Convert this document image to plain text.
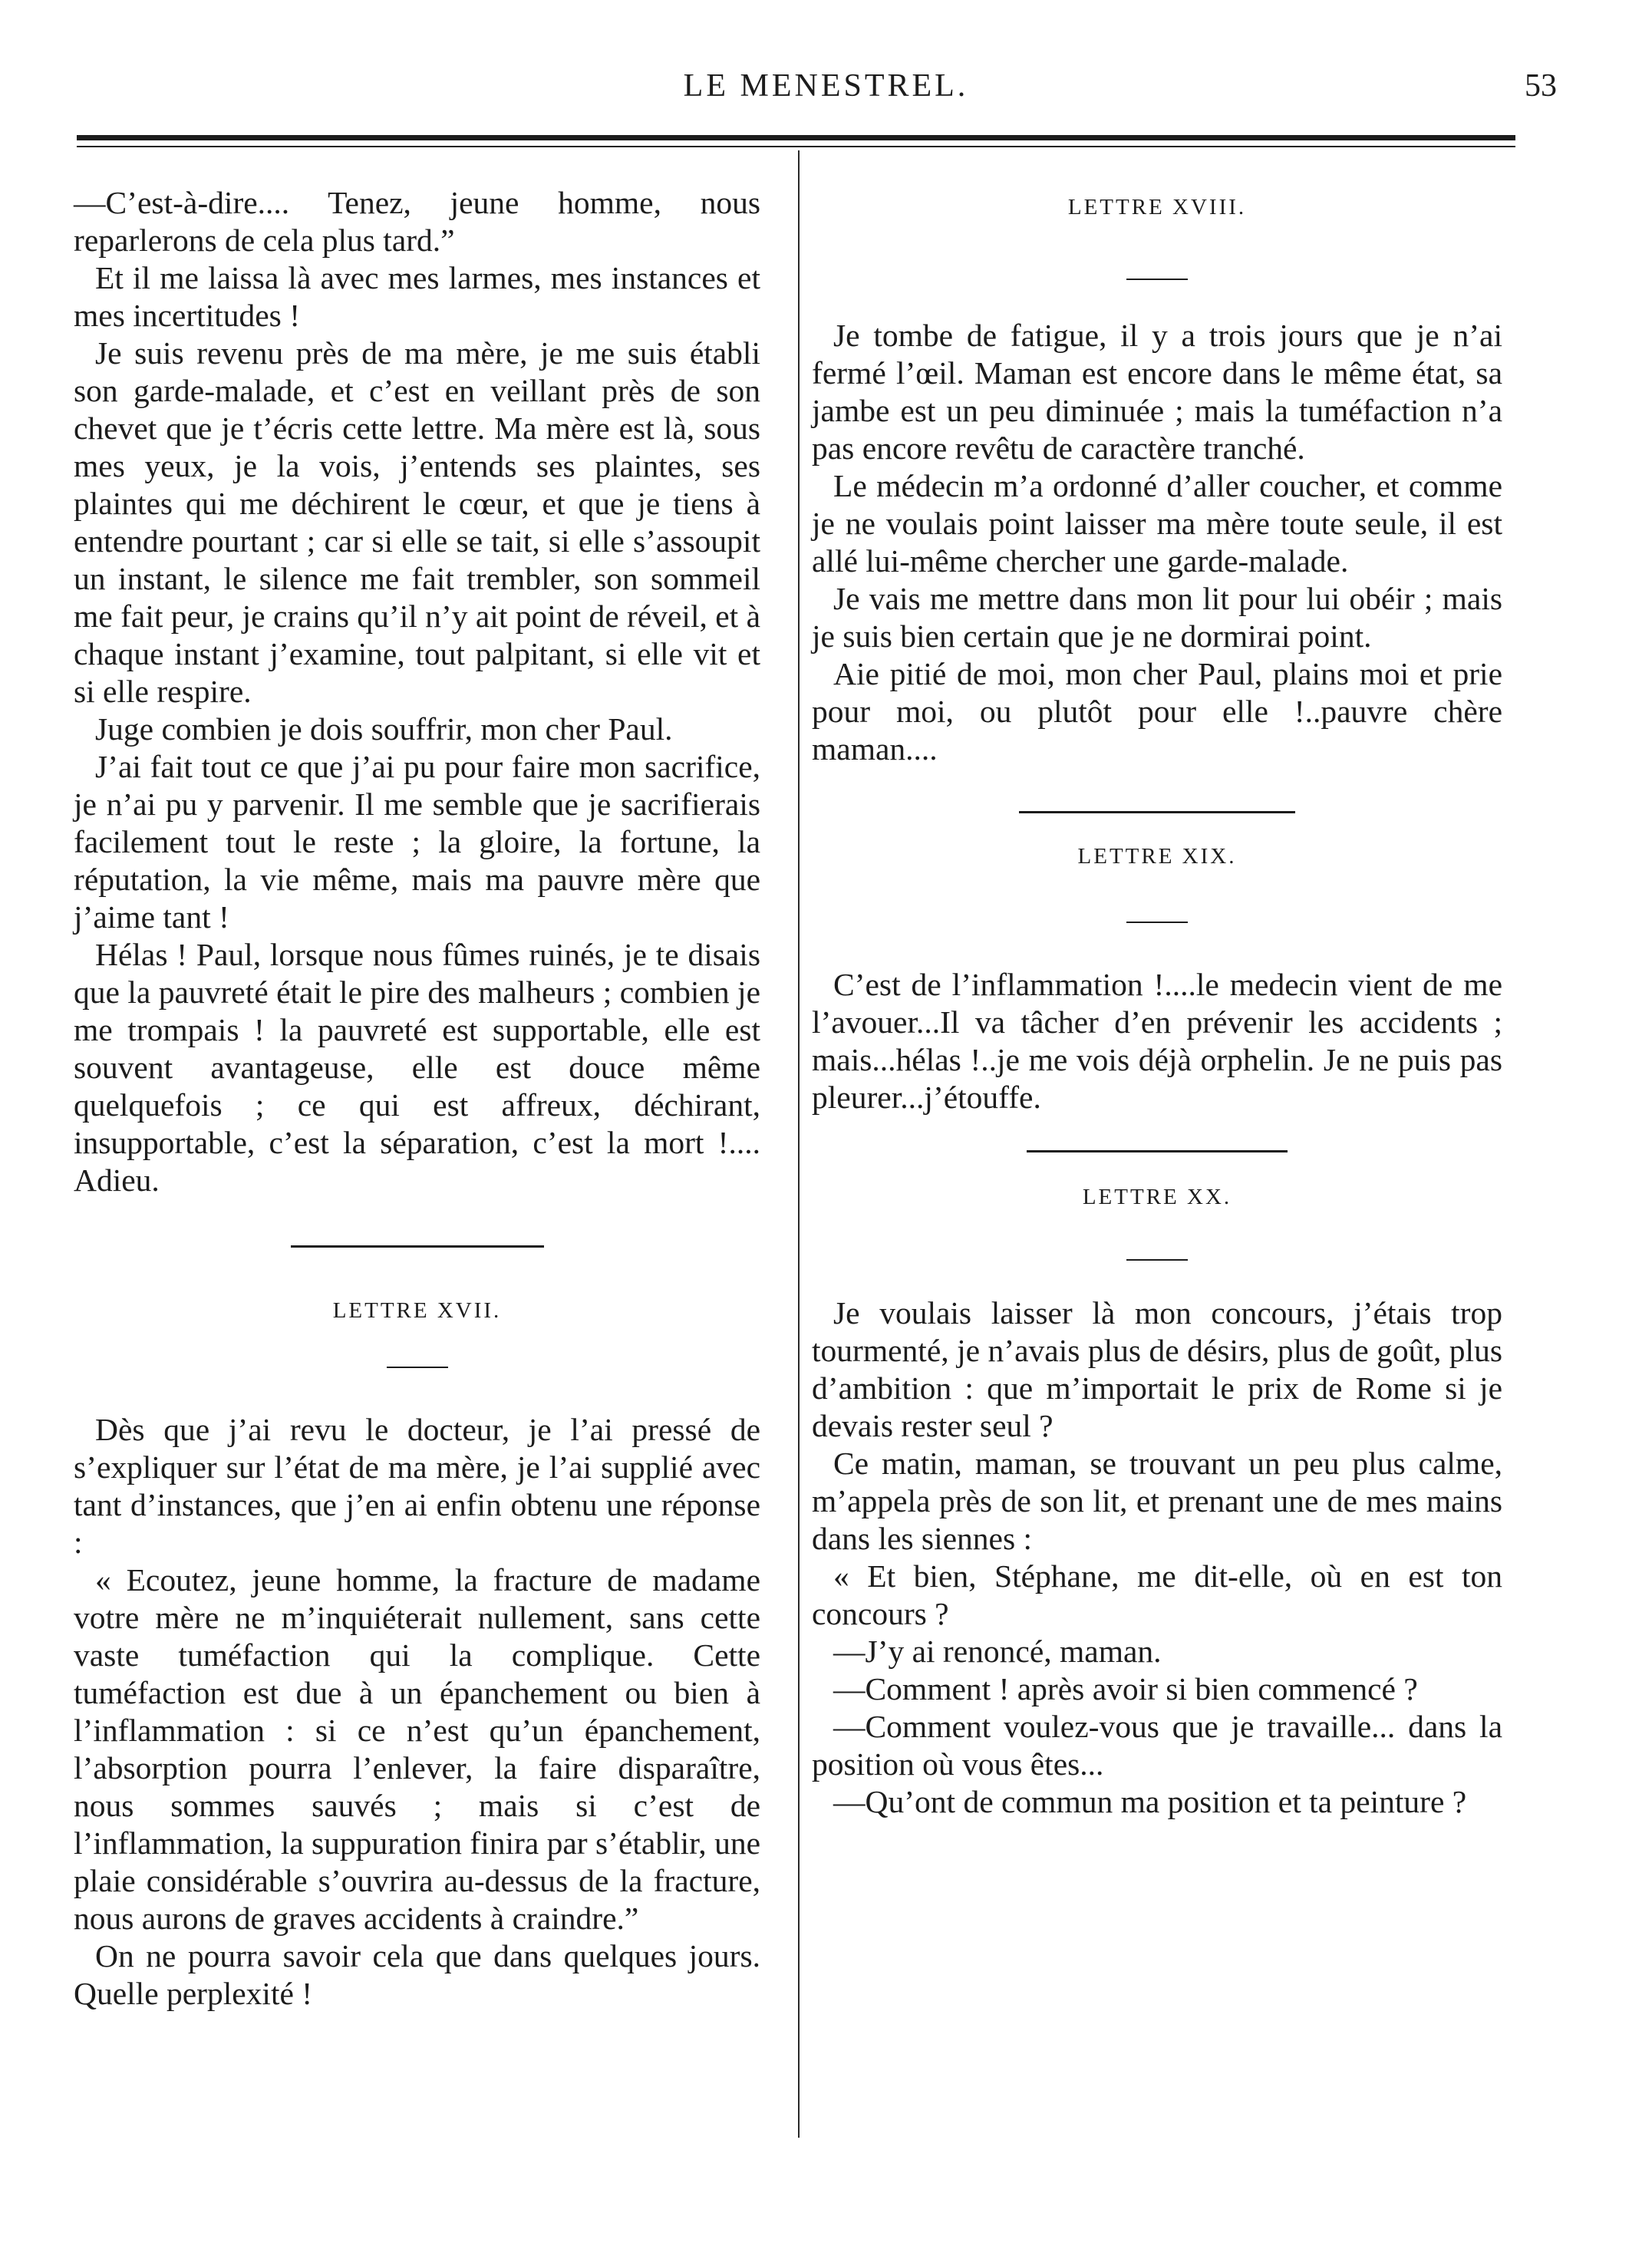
LE MENESTREL.	53

—C’est-à-dire.... Tenez, jeune homme, nous reparlerons de cela plus tard.”

Et il me laissa là avec mes larmes, mes instances et mes incertitudes !

Je suis revenu près de ma mère, je me suis établi son garde-malade, et c’est en veillant près de son chevet que je t’écris cette lettre. Ma mère est là, sous mes yeux, je la vois, j’entends ses plaintes, ses plaintes qui me déchirent le cœur, et que je tiens à entendre pourtant ; car si elle se tait, si elle s’assoupit un instant, le silence me fait trembler, son sommeil me fait peur, je crains qu’il n’y ait point de réveil, et à chaque instant j’examine, tout palpitant, si elle vit et si elle respire.

Juge combien je dois souffrir, mon cher Paul.

J’ai fait tout ce que j’ai pu pour faire mon sacrifice, je n’ai pu y parvenir. Il me semble que je sacrifierais facilement tout le reste ; la gloire, la fortune, la réputation, la vie même, mais ma pauvre mère que j’aime tant !

Hélas ! Paul, lorsque nous fûmes ruinés, je te disais que la pauvreté était le pire des malheurs ; combien je me trompais ! la pauvreté est supportable, elle est souvent avantageuse, elle est douce même quelquefois ; ce qui est affreux, déchirant, insupportable, c’est la séparation, c’est la mort !.... Adieu.

LETTRE XVII.

Dès que j’ai revu le docteur, je l’ai pressé de s’expliquer sur l’état de ma mère, je l’ai supplié avec tant d’instances, que j’en ai enfin obtenu une réponse :

« Ecoutez, jeune homme, la fracture de madame votre mère ne m’inquiéterait nullement, sans cette vaste tuméfaction qui la complique. Cette tuméfaction est due à un épanchement ou bien à l’inflammation : si ce n’est qu’un épanchement, l’absorption pourra l’enlever, la faire disparaître, nous sommes sauvés ; mais si c’est de l’inflammation, la suppuration finira par s’établir, une plaie considérable s’ouvrira au-dessus de la fracture, nous aurons de graves accidents à craindre.”

On ne pourra savoir cela que dans quelques jours. Quelle perplexité !

LETTRE XVIII.

Je tombe de fatigue, il y a trois jours que je n’ai fermé l’œil. Maman est encore dans le même état, sa jambe est un peu diminuée ; mais la tuméfaction n’a pas encore revêtu de caractère tranché.

Le médecin m’a ordonné d’aller coucher, et comme je ne voulais point laisser ma mère toute seule, il est allé lui-même chercher une garde-malade.

Je vais me mettre dans mon lit pour lui obéir ; mais je suis bien certain que je ne dormirai point.

Aie pitié de moi, mon cher Paul, plains moi et prie pour moi, ou plutôt pour elle !..pauvre chère maman....

LETTRE XIX.

C’est de l’inflammation !....le medecin vient de me l’avouer...Il va tâcher d’en prévenir les accidents ; mais...hélas !..je me vois déjà orphelin. Je ne puis pas pleurer...j’étouffe.

LETTRE XX.

Je voulais laisser là mon concours, j’étais trop tourmenté, je n’avais plus de désirs, plus de goût, plus d’ambition : que m’importait le prix de Rome si je devais rester seul ?

Ce matin, maman, se trouvant un peu plus calme, m’appela près de son lit, et prenant une de mes mains dans les siennes :

« Et bien, Stéphane, me dit-elle, où en est ton concours ?

—J’y ai renoncé, maman.

—Comment ! après avoir si bien commencé ?

—Comment voulez-vous que je travaille... dans la position où vous êtes...

—Qu’ont de commun ma position et ta peinture ?
